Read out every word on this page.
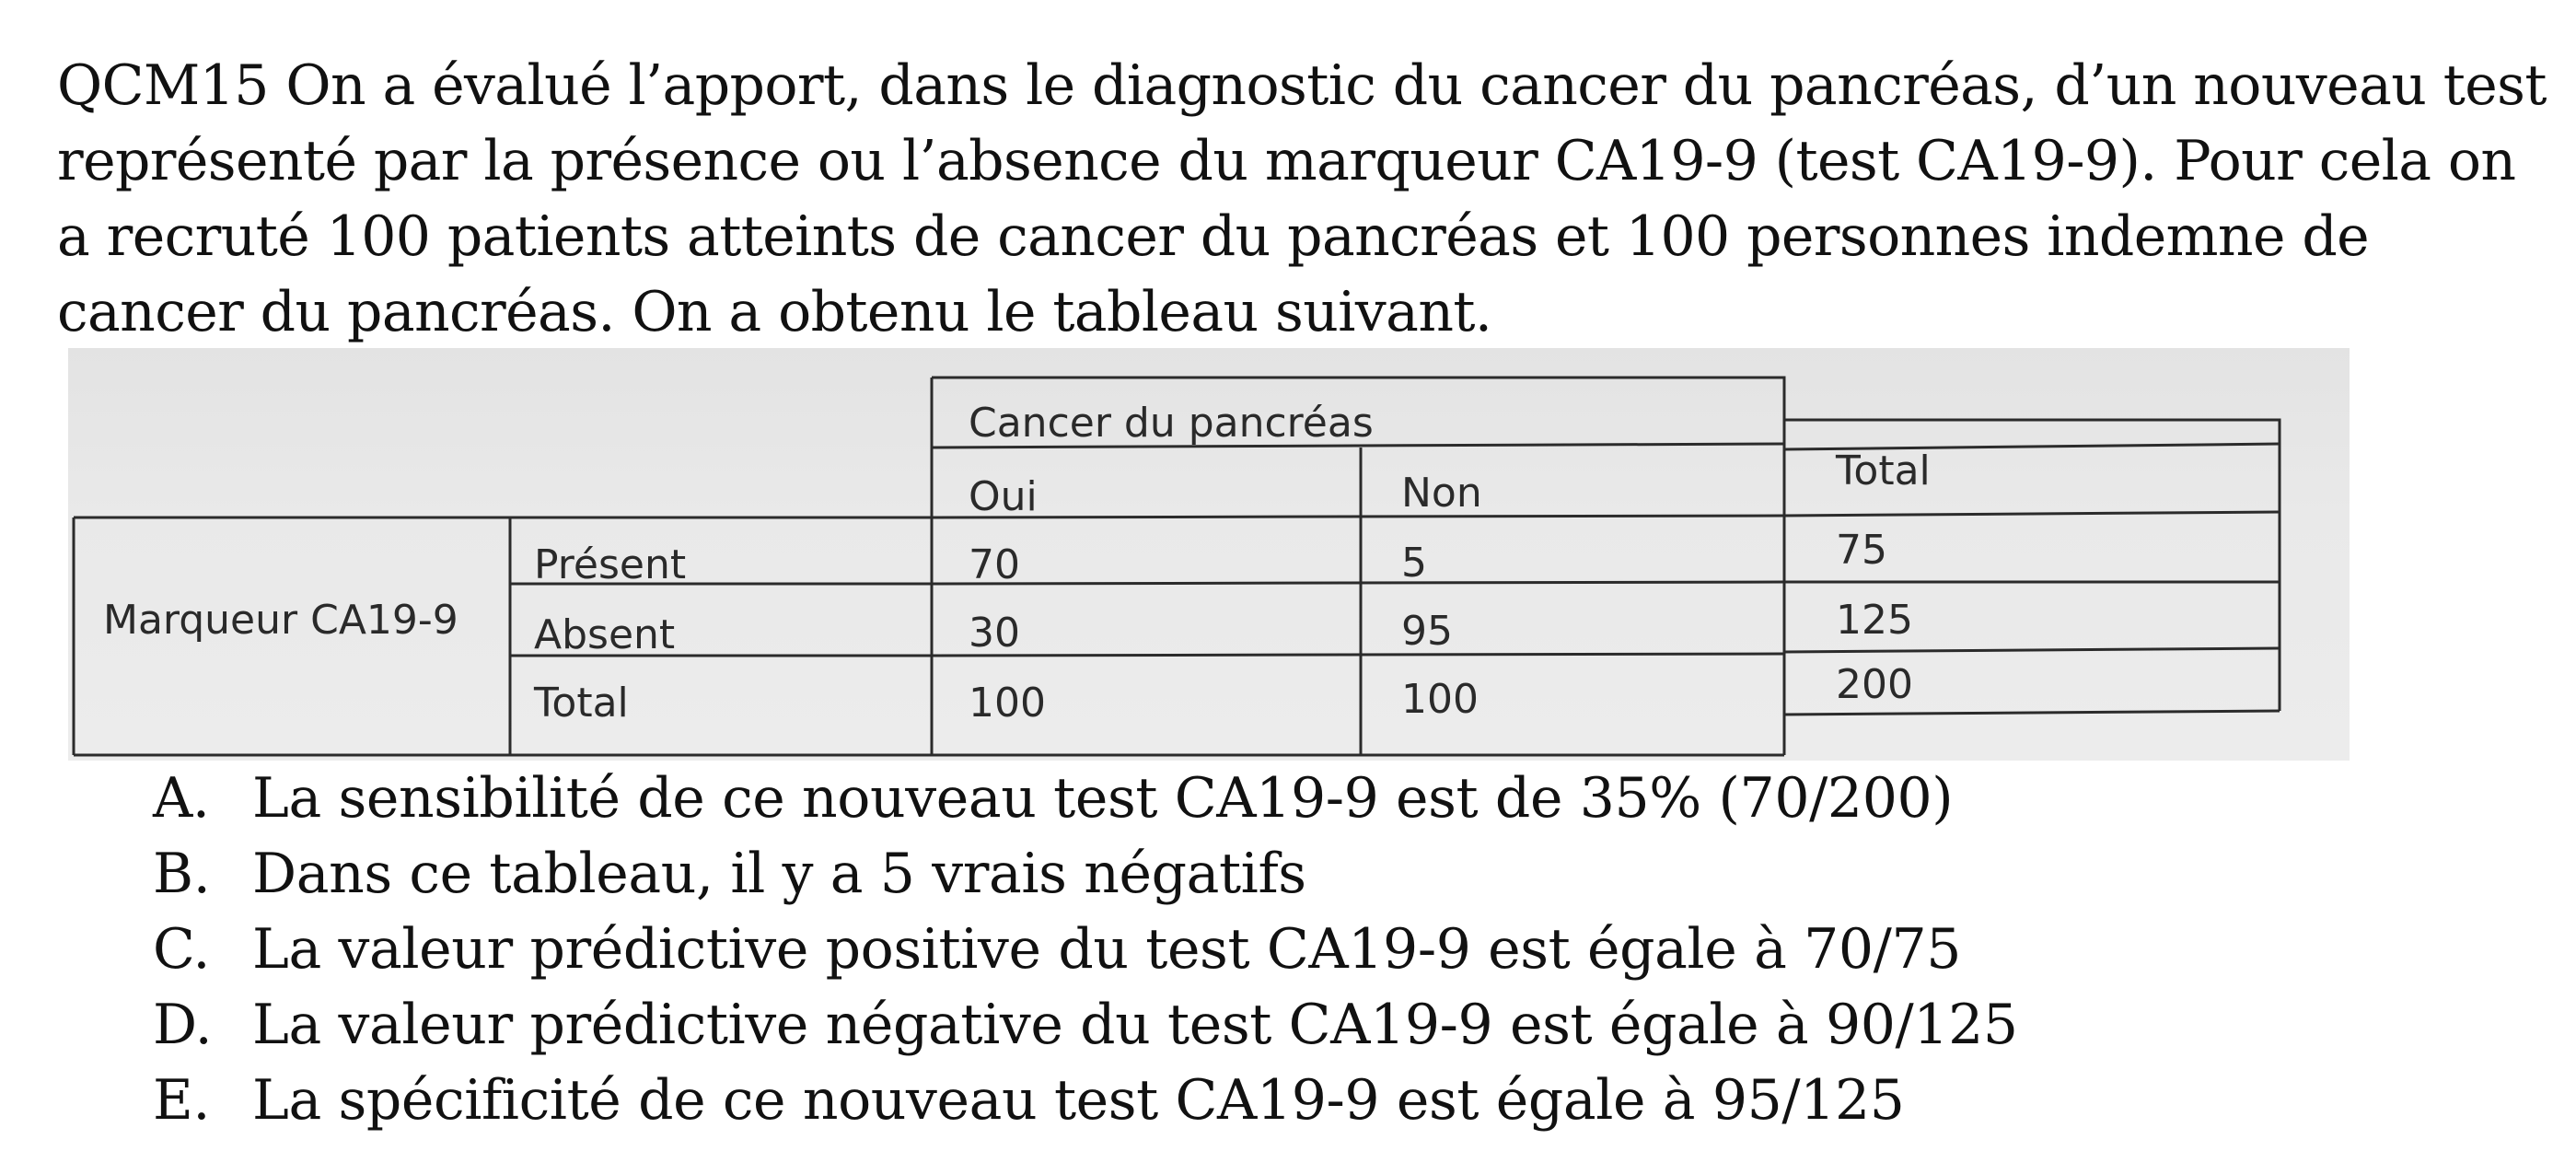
QCM15 On a évalué l’apport, dans le diagnostic du cancer du pancréas, d’un nouveau test
représenté par la présence ou l’absence du marqueur CA19-9 (test CA19-9). Pour cela on
a recruté 100 patients atteints de cancer du pancréas et 100 personnes indemne de
cancer du pancréas. On a obtenu le tableau suivant.
Cancer du pancréas
Oui	Non	Total
Marqueur CA19-9
Présent	70	5	75
Absent	30	95	125
Total	100	100	200
A. La sensibilité de ce nouveau test CA19-9 est de 35% (70/200)
B. Dans ce tableau, il y a 5 vrais négatifs
C. La valeur prédictive positive du test CA19-9 est égale à 70/75
D. La valeur prédictive négative du test CA19-9 est égale à 90/125
E. La spécificité de ce nouveau test CA19-9 est égale à 95/125
